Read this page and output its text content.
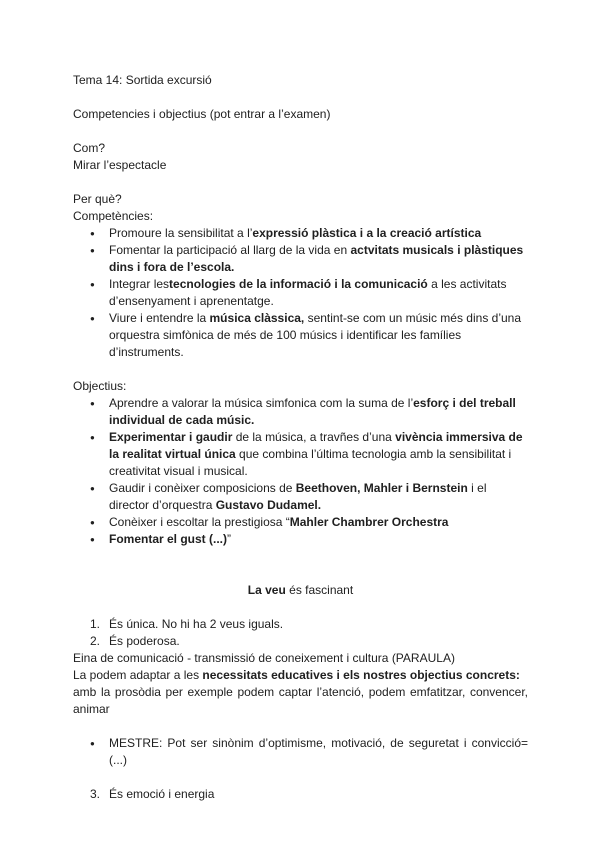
Tema 14: Sortida excursió

Competencies i objectius (pot entrar a l’examen)

Com?

Mirar l’espectacle

Per què?

Competències:

● Promoure la sensibilitat a l’expressió plàstica i a la creació artística
● Fomentar la participació al llarg de la vida en actvitats musicals i plàstiques dins i fora de l’escola.
● Integrar lestecnologies de la informació i la comunicació a les activitats d’ensenyament i aprenentatge.
● Viure i entendre la música clàssica, sentint-se com un músic més dins d’una orquestra simfònica de més de 100 músics i identificar les famílies d’instruments.

Objectius:

● Aprendre a valorar la música simfonica com la suma de l’esforç i del treball individual de cada músic.
● Experimentar i gaudir de la música, a travñes d’una vivència immersiva de la realitat virtual única que combina l’última tecnologia amb la sensibilitat i creativitat visual i musical.
● Gaudir i conèixer composicions de Beethoven, Mahler i Bernstein i el director d’orquestra Gustavo Dudamel.
● Conèixer i escoltar la prestigiosa “Mahler Chambrer Orchestra
● Fomentar el gust (...)”

La veu és fascinant

1. És única. No hi ha 2 veus iguals.
2. És poderosa.

Eina de comunicació - transmissió de coneixement i cultura (PARAULA)

La podem adaptar a les necessitats educatives i els nostres objectius concrets:

amb la prosòdia per exemple podem captar l’atenció, podem emfatitzar, convencer, animar

● MESTRE: Pot ser sinònim d’optimisme, motivació, de seguretat i convicció= (...)
3. És emoció i energia
